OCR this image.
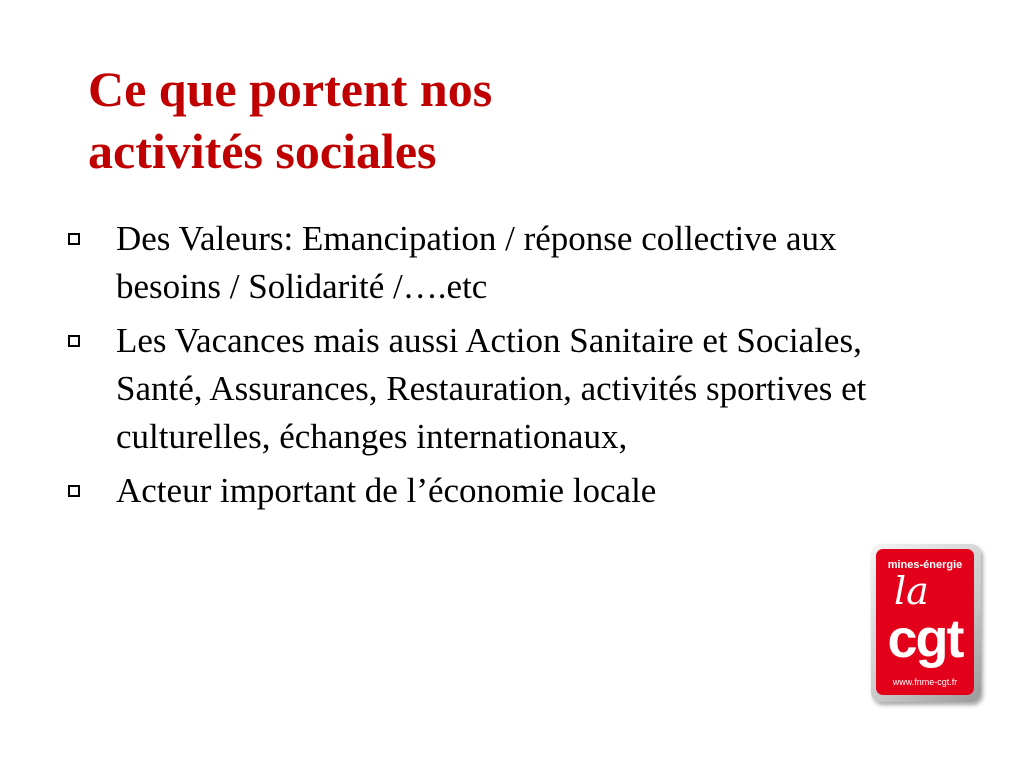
Ce que portent nos
activités sociales
Des Valeurs: Emancipation / réponse collective aux besoins / Solidarité /….etc
Les Vacances mais aussi Action Sanitaire et Sociales, Santé, Assurances, Restauration, activités sportives et culturelles, échanges internationaux,
Acteur important de l’économie locale
mines-énergie
la
cgt
www.fnme-cgt.fr
